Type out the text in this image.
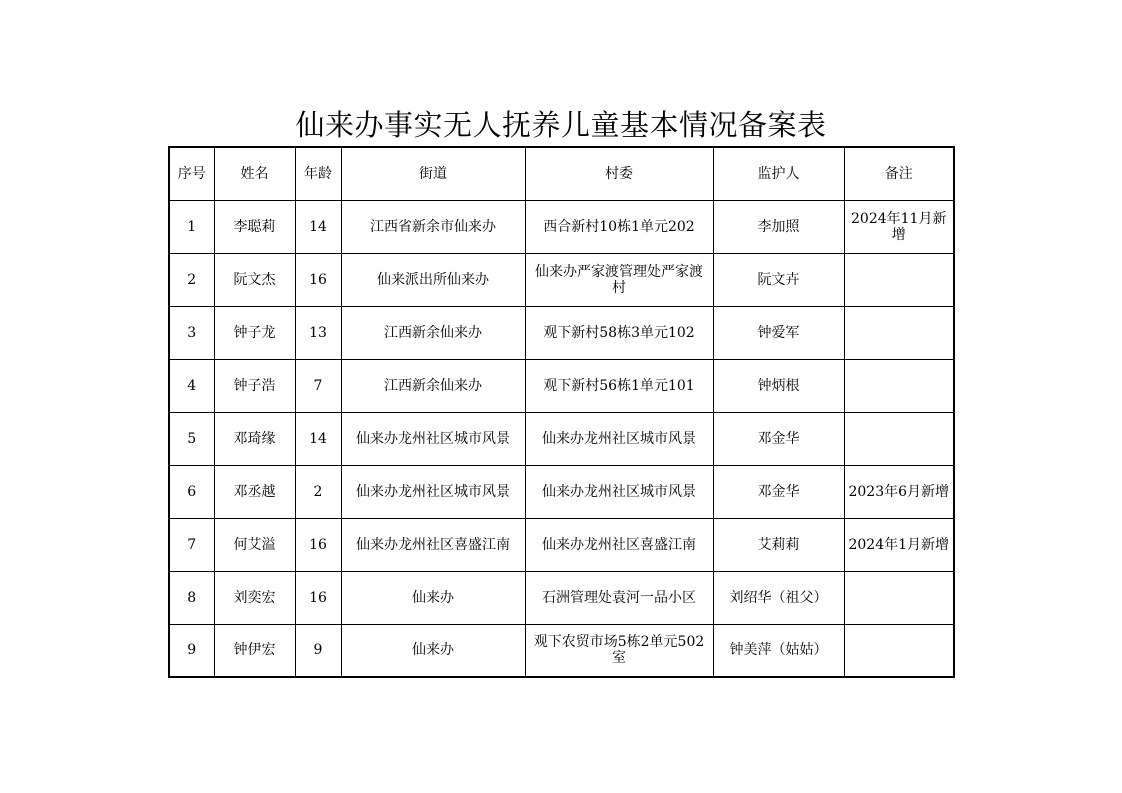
仙来办事实无人抚养儿童基本情况备案表
序号	姓名	年龄	街道	村委	监护人	备注
1	李聪莉	14	江西省新余市仙来办	西合新村10栋1单元202	李加照	2024年11月新增
2	阮文杰	16	仙来派出所仙来办	仙来办严家渡管理处严家渡村	阮文卉	
3	钟子龙	13	江西新余仙来办	观下新村58栋3单元102	钟爱军	
4	钟子浩	7	江西新余仙来办	观下新村56栋1单元101	钟炳根	
5	邓琦缘	14	仙来办龙州社区城市风景	仙来办龙州社区城市风景	邓金华	
6	邓丞越	2	仙来办龙州社区城市风景	仙来办龙州社区城市风景	邓金华	2023年6月新增
7	何艾溢	16	仙来办龙州社区喜盛江南	仙来办龙州社区喜盛江南	艾莉莉	2024年1月新增
8	刘奕宏	16	仙来办	石洲管理处袁河一品小区	刘绍华（祖父）	
9	钟伊宏	9	仙来办	观下农贸市场5栋2单元502室	钟美萍（姑姑）	
